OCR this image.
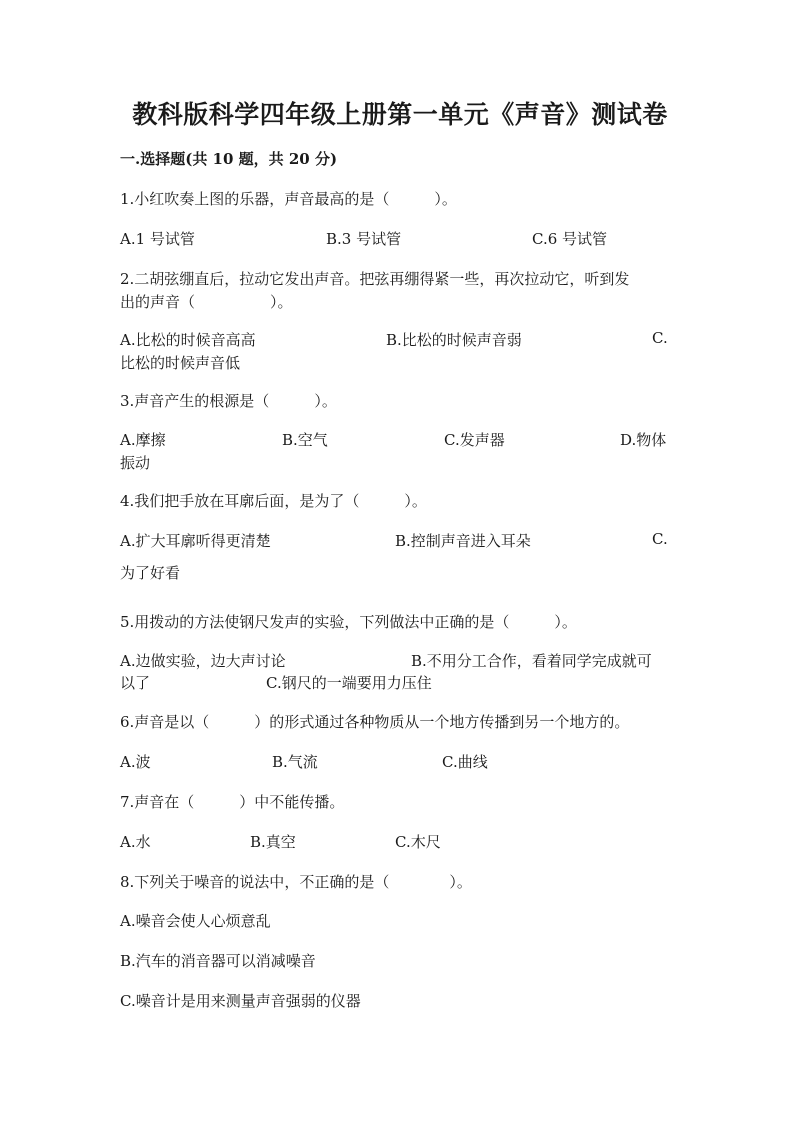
教科版科学四年级上册第一单元《声音》测试卷
一.选择题(共 10 题，共 20 分)
1.小红吹奏上图的乐器，声音最高的是（　　　）。
A.1 号试管	B.3 号试管	C.6 号试管
2.二胡弦绷直后，拉动它发出声音。把弦再绷得紧一些，再次拉动它，听到发
出的声音（　　　　　）。
A.比松的时候音高高	B.比松的时候声音弱	C.
比松的时候声音低
3.声音产生的根源是（　　　）。
A.摩擦	B.空气	C.发声器	D.物体
振动
4.我们把手放在耳廓后面，是为了（　　　）。
A.扩大耳廓听得更清楚	B.控制声音进入耳朵	C.
为了好看
5.用拨动的方法使钢尺发声的实验，下列做法中正确的是（　　　）。
A.边做实验，边大声讨论	B.不用分工合作，看着同学完成就可
以了	C.钢尺的一端要用力压住
6.声音是以（　　　）的形式通过各种物质从一个地方传播到另一个地方的。
A.波	B.气流	C.曲线
7.声音在（　　　）中不能传播。
A.水	B.真空	C.木尺
8.下列关于噪音的说法中，不正确的是（　　　　）。
A.噪音会使人心烦意乱
B.汽车的消音器可以消减噪音
C.噪音计是用来测量声音强弱的仪器
